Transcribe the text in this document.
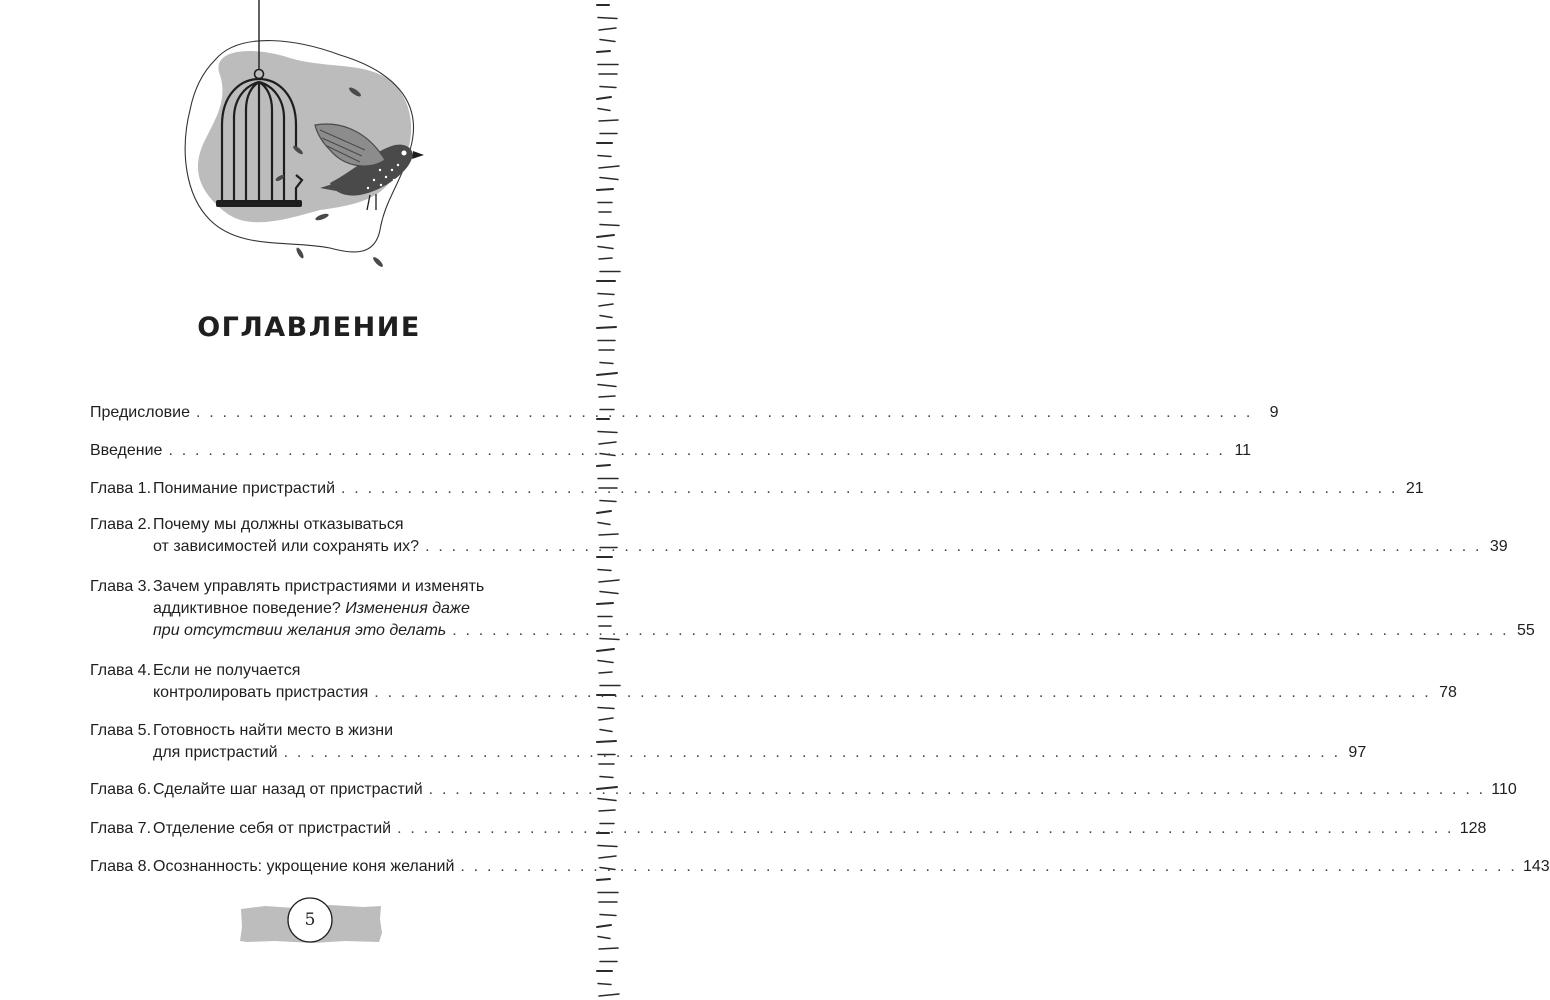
ОГЛАВЛЕНИЕ
Предисловие . . . . . . . . . . . . . . . . . . . . . . . . . . . . . . . . . . . . . . . . . . . . . . . . . . . . . . . . . . . . . . . . . . . . . . . . . . . . . . . .	9
Введение . . . . . . . . . . . . . . . . . . . . . . . . . . . . . . . . . . . . . . . . . . . . . . . . . . . . . . . . . . . . . . . . . . . . . . . . . . . . . . . . 11
Глава 1. Понимание пристрастий . . . . . . . . . . . . . . . . . . . . . . . . . . . . . . . . . . . . . . . . . . . . . . . . . . . . . . . . . . . . . . . . . . . . . . . . . . . . . . . . 21
Глава 2. Почему мы должны отказываться
от зависимостей или сохранять их? . . . . . . . . . . . . . . . . . . . . . . . . . . . . . . . . . . . . . . . . . . . . . . . . . . . . . . . . . . . . . . . . . . . . . . . . . . . . . . . . 39
Глава 3. Зачем управлять пристрастиями и изменять
аддиктивное поведение? Изменения даже
при отсутствии желания это делать . . . . . . . . . . . . . . . . . . . . . . . . . . . . . . . . . . . . . . . . . . . . . . . . . . . . . . . . . . . . . . . . . . . . . . . . . . . . . . . . 55
Глава 4. Если не получается
контролировать пристрастия . . . . . . . . . . . . . . . . . . . . . . . . . . . . . . . . . . . . . . . . . . . . . . . . . . . . . . . . . . . . . . . . . . . . . . . . . . . . . . . . 78
Глава 5. Готовность найти место в жизни
для пристрастий . . . . . . . . . . . . . . . . . . . . . . . . . . . . . . . . . . . . . . . . . . . . . . . . . . . . . . . . . . . . . . . . . . . . . . . . . . . . . . . . 97
Глава 6. Сделайте шаг назад от пристрастий . . . . . . . . . . . . . . . . . . . . . . . . . . . . . . . . . . . . . . . . . . . . . . . . . . . . . . . . . . . . . . . . . . . . . . . . . . . . . . . . 110
Глава 7. Отделение себя от пристрастий . . . . . . . . . . . . . . . . . . . . . . . . . . . . . . . . . . . . . . . . . . . . . . . . . . . . . . . . . . . . . . . . . . . . . . . . . . . . . . . . 128
Глава 8. Осознанность: укрощение коня желаний . . . . . . . . . . . . . . . . . . . . . . . . . . . . . . . . . . . . . . . . . . . . . . . . . . . . . . . . . . . . . . . . . . . . . . . . . . . . . . . . 143
5
